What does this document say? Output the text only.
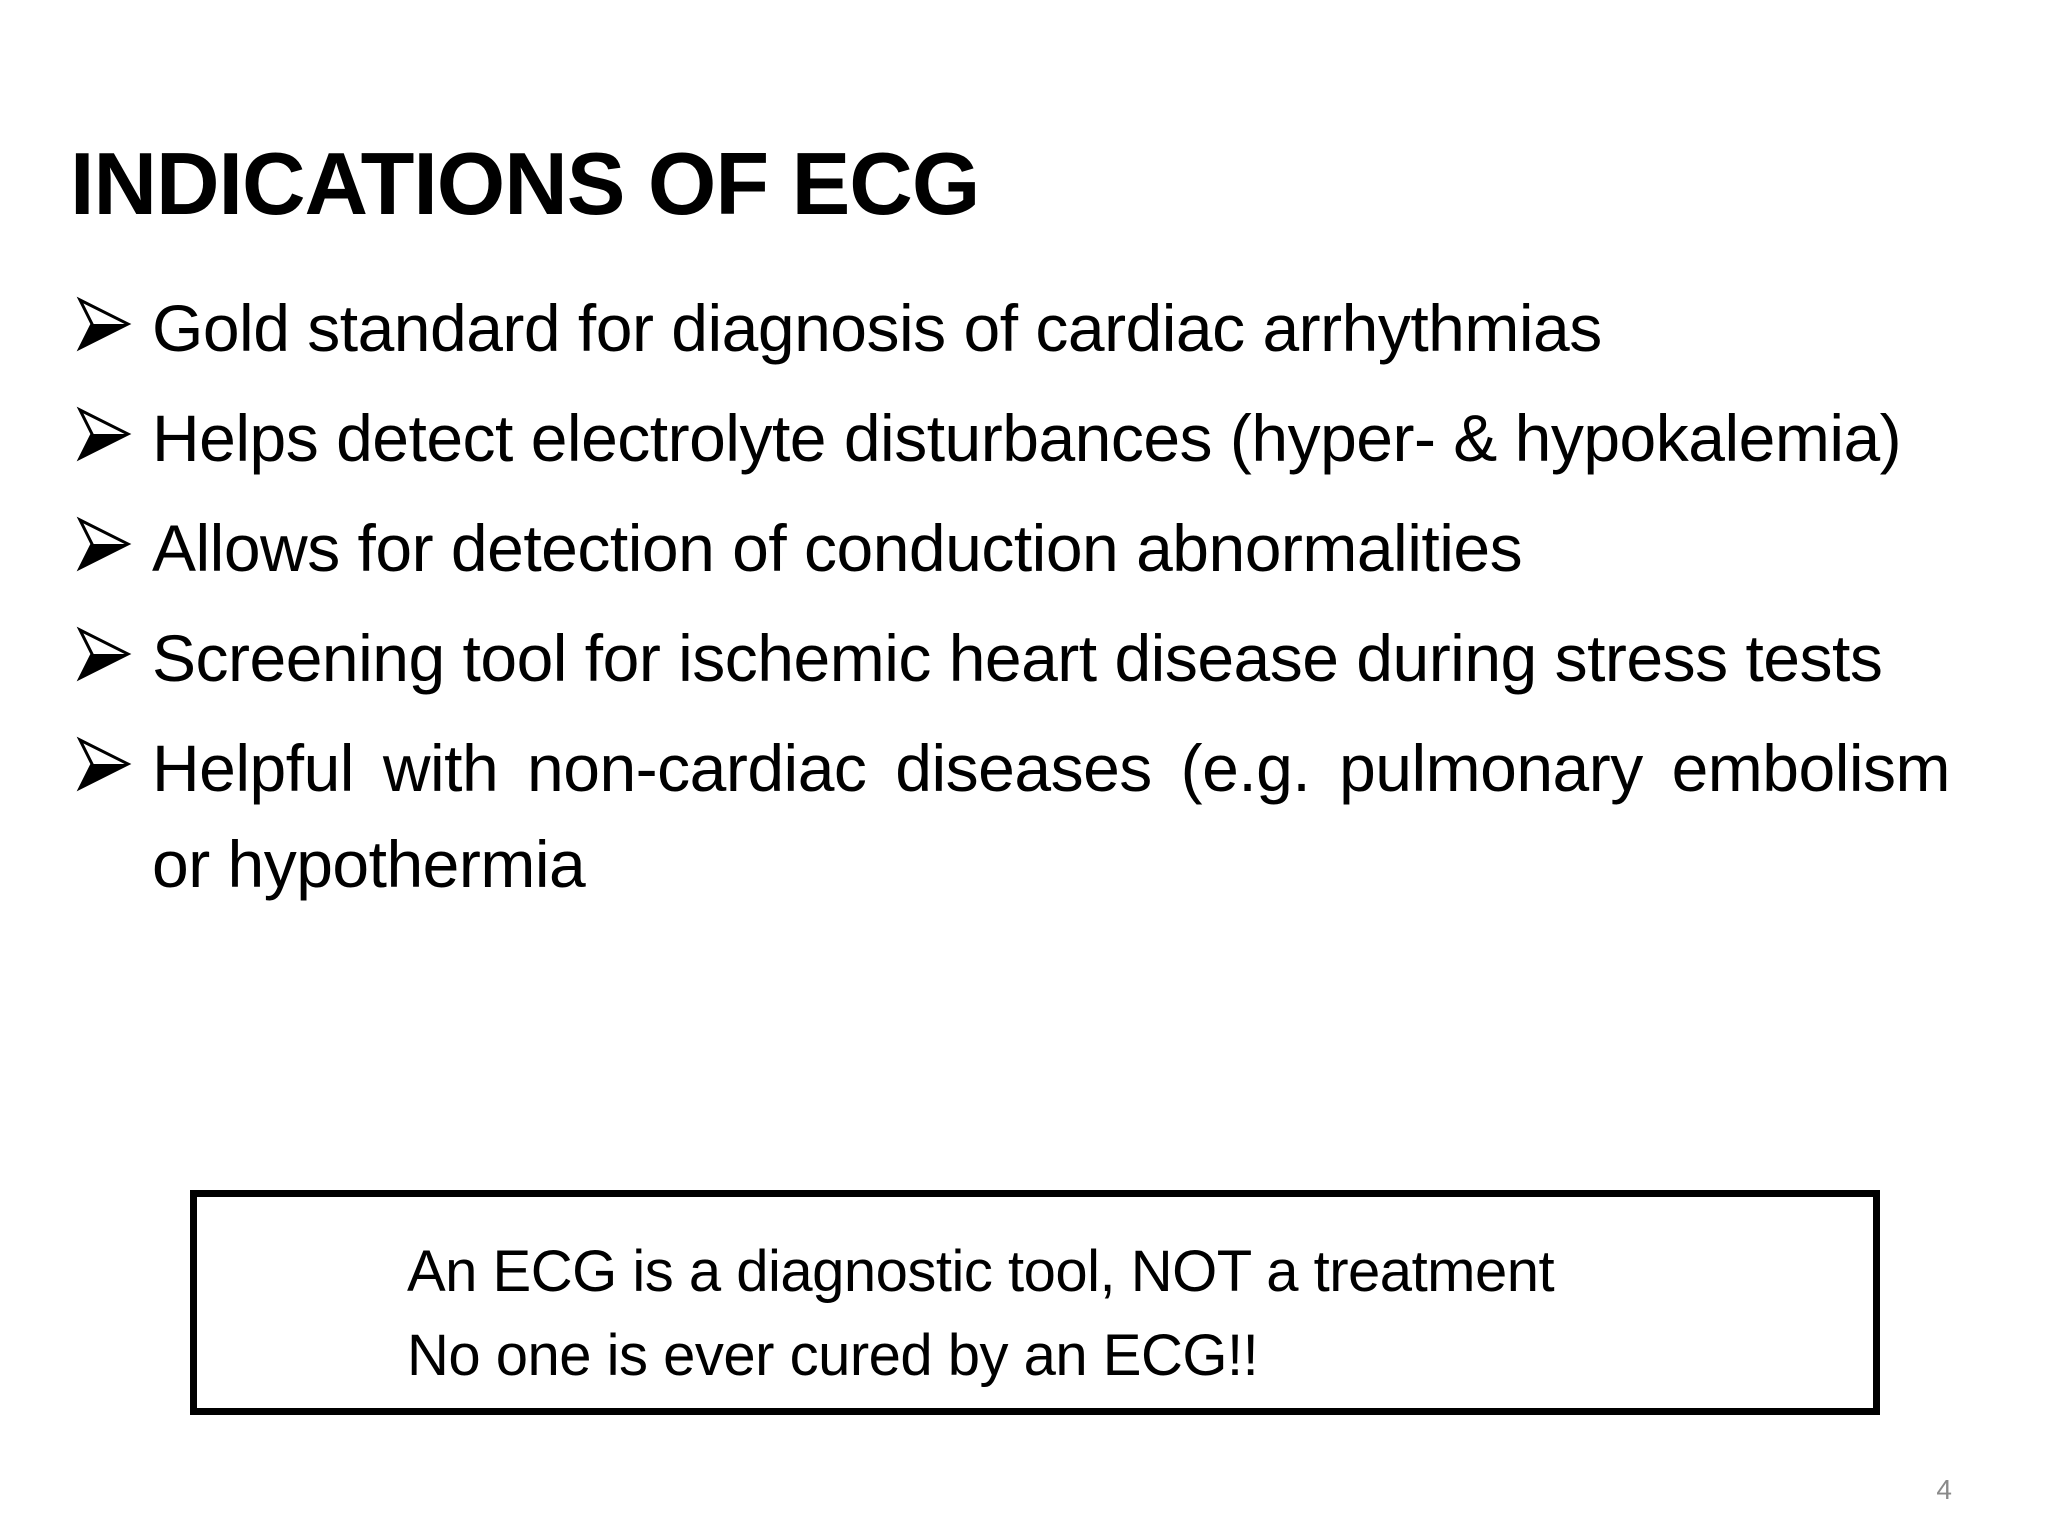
INDICATIONS OF ECG
Gold standard for diagnosis of cardiac arrhythmias
Helps detect electrolyte disturbances (hyper- & hypokalemia)
Allows for detection of conduction abnormalities
Screening tool for ischemic heart disease during stress tests
Helpful with non-cardiac diseases (e.g. pulmonary embolism or hypothermia
An ECG is a diagnostic tool, NOT a treatment
No one is ever cured by an ECG!!
4
